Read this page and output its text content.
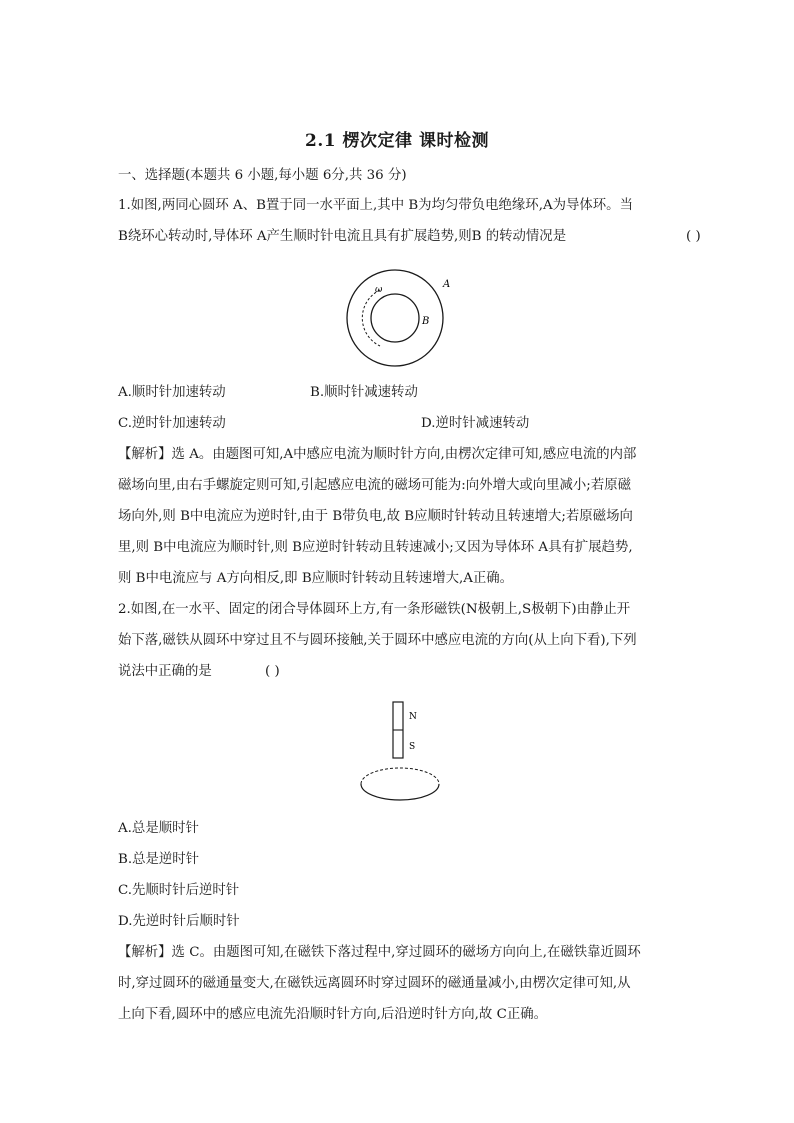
2.1 楞次定律 课时检测
一、选择题(本题共 6 小题,每小题 6分,共 36 分)
1.如图,两同心圆环 A、B置于同一水平面上,其中 B为均匀带负电绝缘环,A为导体环。当
B绕环心转动时,导体环 A产生顺时针电流且具有扩展趋势,则B 的转动情况是	( )
A
B
ω
A.顺时针加速转动	B.顺时针减速转动
C.逆时针加速转动	D.逆时针减速转动
【解析】选 A。由题图可知,A中感应电流为顺时针方向,由楞次定律可知,感应电流的内部
磁场向里,由右手螺旋定则可知,引起感应电流的磁场可能为:向外增大或向里减小;若原磁
场向外,则 B中电流应为逆时针,由于 B带负电,故 B应顺时针转动且转速增大;若原磁场向
里,则 B中电流应为顺时针,则 B应逆时针转动且转速减小;又因为导体环 A具有扩展趋势,
则 B中电流应与 A方向相反,即 B应顺时针转动且转速增大,A正确。
2.如图,在一水平、固定的闭合导体圆环上方,有一条形磁铁(N极朝上,S极朝下)由静止开
始下落,磁铁从圆环中穿过且不与圆环接触,关于圆环中感应电流的方向(从上向下看),下列
说法中正确的是	( )
N
S
A.总是顺时针
B.总是逆时针
C.先顺时针后逆时针
D.先逆时针后顺时针
【解析】选 C。由题图可知,在磁铁下落过程中,穿过圆环的磁场方向向上,在磁铁靠近圆环
时,穿过圆环的磁通量变大,在磁铁远离圆环时穿过圆环的磁通量减小,由楞次定律可知,从
上向下看,圆环中的感应电流先沿顺时针方向,后沿逆时针方向,故 C正确。
